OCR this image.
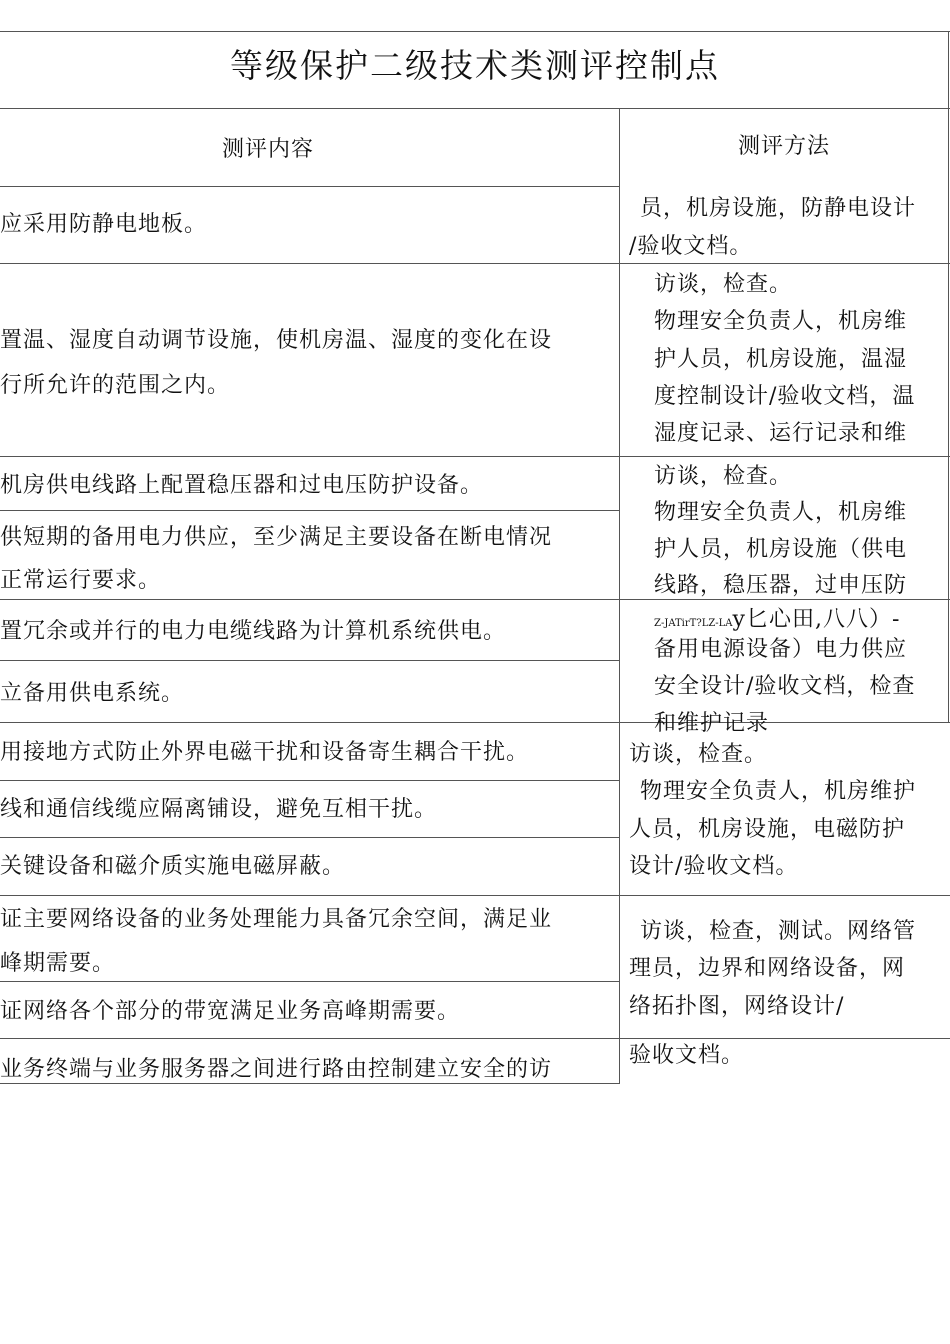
等级保护二级技术类测评控制点
测评内容	测评方法
应采用防静电地板。
置温、湿度自动调节设施，使机房温、湿度的变化在设
行所允许的范围之内。
机房供电线路上配置稳压器和过电压防护设备。
供短期的备用电力供应，至少满足主要设备在断电情况
正常运行要求。
置冗余或并行的电力电缆线路为计算机系统供电。
立备用供电系统。
用接地方式防止外界电磁干扰和设备寄生耦合干扰。
线和通信线缆应隔离铺设，避免互相干扰。
关键设备和磁介质实施电磁屏蔽。
证主要网络设备的业务处理能力具备冗余空间，满足业
峰期需要。
证网络各个部分的带宽满足业务高峰期需要。
业务终端与业务服务器之间进行路由控制建立安全的访
员，机房设施，防静电设计
/验收文档。
访谈，检查。
物理安全负责人，机房维
护人员，机房设施，温湿
度控制设计/验收文档，温
湿度记录、运行记录和维
访谈，检查。
物理安全负责人，机房维
护人员，机房设施（供电
线路，稳压器，过申压防
Z-JATirT?LZ-LAy匕心田,八八）-
备用电源设备）电力供应
安全设计/验收文档，检查
和维护记录
访谈，检查。
物理安全负责人，机房维护
人员，机房设施，电磁防护
设计/验收文档。
访谈，检查，测试。网络管
理员，边界和网络设备，网
络拓扑图，网络设计/
验收文档。
